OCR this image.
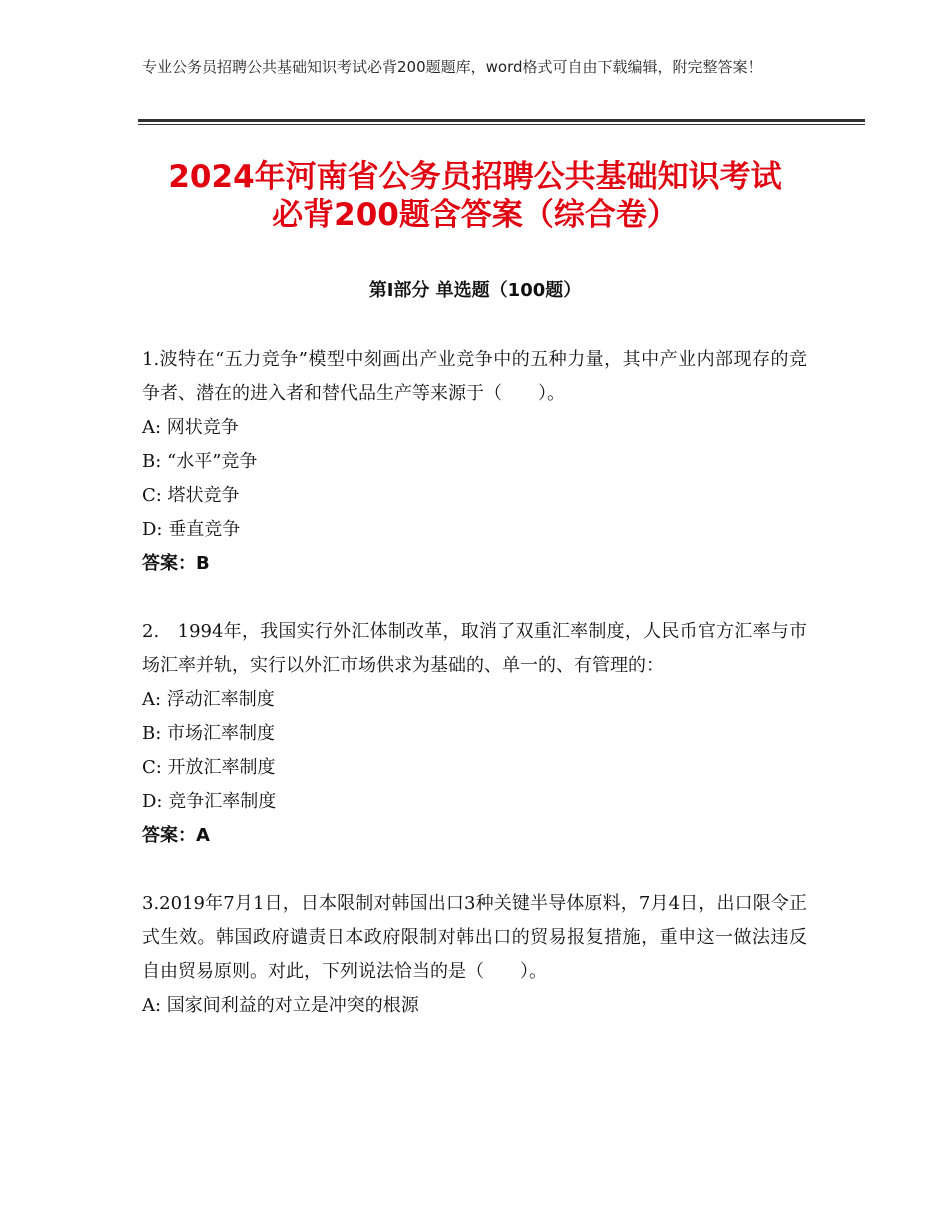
专业公务员招聘公共基础知识考试必背200题题库，word格式可自由下载编辑，附完整答案！
2024年河南省公务员招聘公共基础知识考试
必背200题含答案（综合卷）
第Ⅰ部分 单选题（100题）

1.波特在“五力竞争”模型中刻画出产业竞争中的五种力量，其中产业内部现存的竞争者、潜在的进入者和替代品生产等来源于（　　）。

A: 网状竞争

B: “水平”竞争

C: 塔状竞争

D: 垂直竞争

答案：B

2.　1994年，我国实行外汇体制改革，取消了双重汇率制度，人民币官方汇率与市场汇率并轨，实行以外汇市场供求为基础的、单一的、有管理的：

A: 浮动汇率制度

B: 市场汇率制度

C: 开放汇率制度

D: 竞争汇率制度

答案：A

3.2019年7月1日，日本限制对韩国出口3种关键半导体原料，7月4日，出口限令正式生效。韩国政府谴责日本政府限制对韩出口的贸易报复措施，重申这一做法违反自由贸易原则。对此，下列说法恰当的是（　　）。

A: 国家间利益的对立是冲突的根源
